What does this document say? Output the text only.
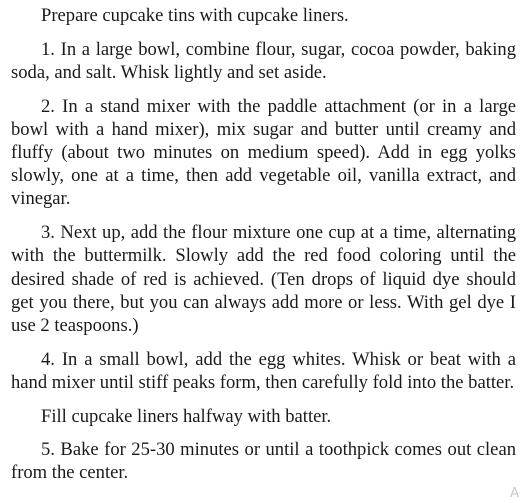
Prepare cupcake tins with cupcake liners.

1. In a large bowl, combine flour, sugar, cocoa powder, baking soda, and salt. Whisk lightly and set aside.

2. In a stand mixer with the paddle attachment (or in a large bowl with a hand mixer), mix sugar and butter until creamy and fluffy (about two minutes on medium speed). Add in egg yolks slowly, one at a time, then add vegetable oil, vanilla extract, and vinegar.

3. Next up, add the flour mixture one cup at a time, alternating with the buttermilk. Slowly add the red food coloring until the desired shade of red is achieved. (Ten drops of liquid dye should get you there, but you can always add more or less. With gel dye I use 2 teaspoons.)

4. In a small bowl, add the egg whites. Whisk or beat with a hand mixer until stiff peaks form, then carefully fold into the batter.

Fill cupcake liners halfway with batter.

5. Bake for 25-30 minutes or until a toothpick comes out clean from the center.

A
